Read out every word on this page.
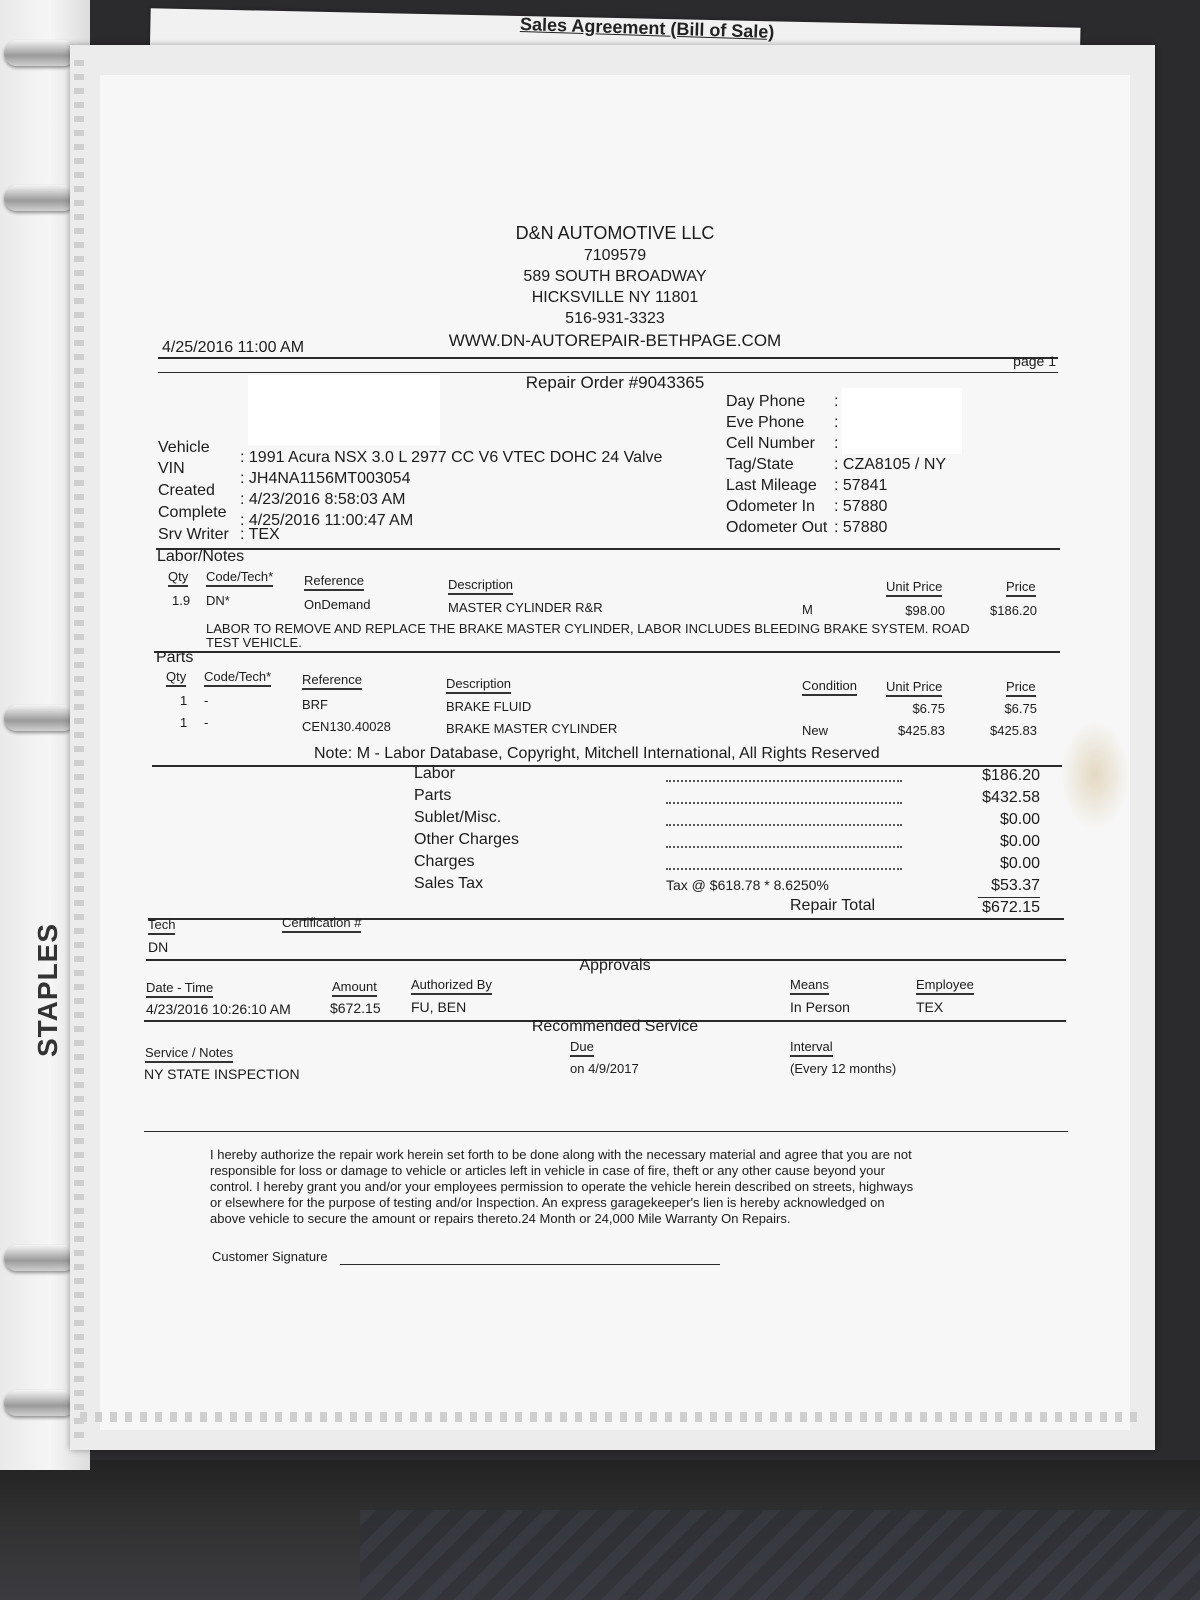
Sales Agreement (Bill of Sale)
STAPLES
D&N AUTOMOTIVE LLC
7109579
589 SOUTH BROADWAY
HICKSVILLE NY 11801
516-931-3323
WWW.DN-AUTOREPAIR-BETHPAGE.COM
4/25/2016 11:00 AM
page 1
Repair Order #9043365
Vehicle
: 1991 Acura NSX 3.0 L 2977 CC V6 VTEC DOHC 24 Valve
VIN
: JH4NA1156MT003054
Created
: 4/23/2016 8:58:03 AM
Complete : 4/25/2016 11:00:47 AM
Srv Writer : TEX
Day Phone :
Eve Phone :
Cell Number :
Tag/State	: CZA8105 / NY
Last Mileage : 57841
Odometer In : 57880
Odometer Out : 57880
Labor/Notes
Qty Code/Tech* Reference	Description	Unit Price	Price
1.9 DN*	OnDemand	MASTER CYLINDER R&R	M	$98.00	$186.20
LABOR TO REMOVE AND REPLACE THE BRAKE MASTER CYLINDER, LABOR INCLUDES BLEEDING BRAKE SYSTEM. ROAD
TEST VEHICLE.
Parts
Qty Code/Tech* Reference	Description	Condition Unit Price	Price
1 -	BRF	BRAKE FLUID	$6.75	$6.75
1 -	CEN130.40028	BRAKE MASTER CYLINDER	New	$425.83	$425.83
Note: M - Labor Database, Copyright, Mitchell International, All Rights Reserved
Labor	$186.20
Parts	$432.58
Sublet/Misc.	$0.00
Other Charges	$0.00
Charges	$0.00
Sales Tax	Tax @ $618.78 * 8.6250%	$53.37
Repair Total	$672.15
Tech	Certification #
DN
Approvals
Date - Time	Amount	Authorized By	Means	Employee
4/23/2016 10:26:10 AM	$672.15 FU, BEN	In Person	TEX
Recommended Service
Service / Notes	Due	Interval
NY STATE INSPECTION	on 4/9/2017	(Every 12 months)
I hereby authorize the repair work herein set forth to be done along with the necessary material and agree that you are not
responsible for loss or damage to vehicle or articles left in vehicle in case of fire, theft or any other cause beyond your
control. I hereby grant you and/or your employees permission to operate the vehicle herein described on streets, highways
or elsewhere for the purpose of testing and/or Inspection. An express garagekeeper's lien is hereby acknowledged on
above vehicle to secure the amount or repairs thereto.24 Month or 24,000 Mile Warranty On Repairs.
Customer Signature
